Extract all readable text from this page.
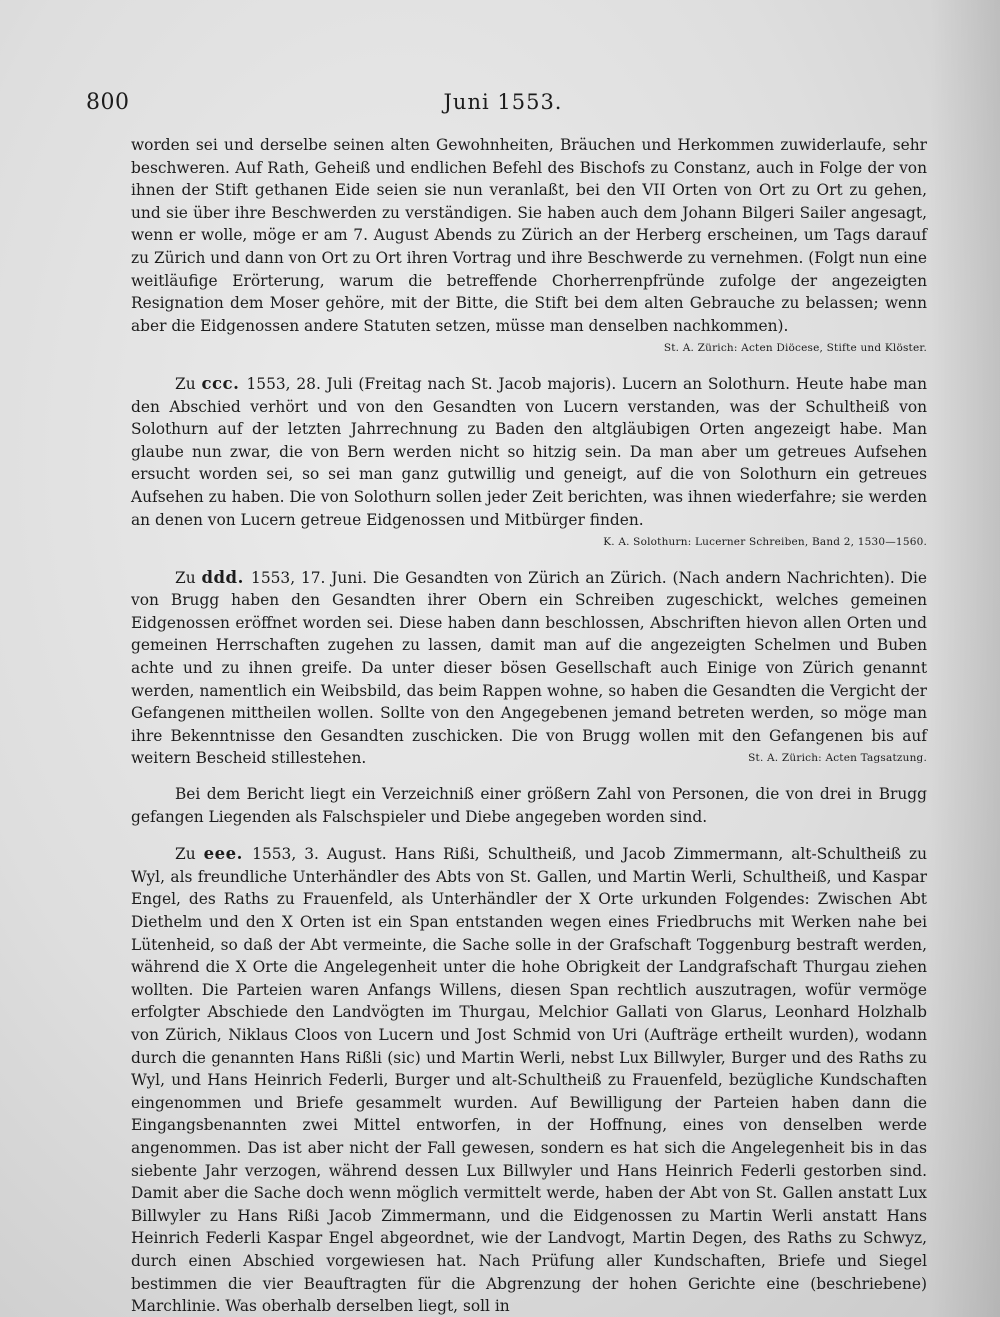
800	Juni 1553.
worden sei und derselbe seinen alten Gewohnheiten, Bräuchen und Herkommen zuwiderlaufe, sehr beschweren. Auf Rath, Geheiß und endlichen Befehl des Bischofs zu Constanz, auch in Folge der von ihnen der Stift gethanen Eide seien sie nun veranlaßt, bei den VII Orten von Ort zu Ort zu gehen, und sie über ihre Beschwerden zu verständigen. Sie haben auch dem Johann Bilgeri Sailer angesagt, wenn er wolle, möge er am 7. August Abends zu Zürich an der Herberg erscheinen, um Tags darauf zu Zürich und dann von Ort zu Ort ihren Vortrag und ihre Beschwerde zu vernehmen. (Folgt nun eine weitläufige Erörterung, warum die betreffende Chorherrenpfründe zufolge der angezeigten Resignation dem Moser gehöre, mit der Bitte, die Stift bei dem alten Gebrauche zu belassen; wenn aber die Eidgenossen andere Statuten setzen, müsse man denselben nachkommen).
St. A. Zürich: Acten Diöcese, Stifte und Klöster.
Zu ccc. 1553, 28. Juli (Freitag nach St. Jacob majoris). Lucern an Solothurn. Heute habe man den Abschied verhört und von den Gesandten von Lucern verstanden, was der Schultheiß von Solothurn auf der letzten Jahrrechnung zu Baden den altgläubigen Orten angezeigt habe. Man glaube nun zwar, die von Bern werden nicht so hitzig sein. Da man aber um getreues Aufsehen ersucht worden sei, so sei man ganz gutwillig und geneigt, auf die von Solothurn ein getreues Aufsehen zu haben. Die von Solothurn sollen jeder Zeit berichten, was ihnen wiederfahre; sie werden an denen von Lucern getreue Eidgenossen und Mitbürger finden.
K. A. Solothurn: Lucerner Schreiben, Band 2, 1530—1560.
Zu ddd. 1553, 17. Juni. Die Gesandten von Zürich an Zürich. (Nach andern Nachrichten). Die von Brugg haben den Gesandten ihrer Obern ein Schreiben zugeschickt, welches gemeinen Eidgenossen eröffnet worden sei. Diese haben dann beschlossen, Abschriften hievon allen Orten und gemeinen Herrschaften zugehen zu lassen, damit man auf die angezeigten Schelmen und Buben achte und zu ihnen greife. Da unter dieser bösen Gesellschaft auch Einige von Zürich genannt werden, namentlich ein Weibsbild, das beim Rappen wohne, so haben die Gesandten die Vergicht der Gefangenen mittheilen wollen. Sollte von den Angegebenen jemand betreten werden, so möge man ihre Bekenntnisse den Gesandten zuschicken. Die von Brugg wollen mit den Gefangenen bis auf weitern Bescheid stillestehen.	St. A. Zürich: Acten Tagsatzung.
Bei dem Bericht liegt ein Verzeichniß einer größern Zahl von Personen, die von drei in Brugg gefangen Liegenden als Falschspieler und Diebe angegeben worden sind.
Zu eee. 1553, 3. August. Hans Rißi, Schultheiß, und Jacob Zimmermann, alt-Schultheiß zu Wyl, als freundliche Unterhändler des Abts von St. Gallen, und Martin Werli, Schultheiß, und Kaspar Engel, des Raths zu Frauenfeld, als Unterhändler der X Orte urkunden Folgendes: Zwischen Abt Diethelm und den X Orten ist ein Span entstanden wegen eines Friedbruchs mit Werken nahe bei Lütenheid, so daß der Abt vermeinte, die Sache solle in der Grafschaft Toggenburg bestraft werden, während die X Orte die Angelegenheit unter die hohe Obrigkeit der Landgrafschaft Thurgau ziehen wollten. Die Parteien waren Anfangs Willens, diesen Span rechtlich auszutragen, wofür vermöge erfolgter Abschiede den Landvögten im Thurgau, Melchior Gallati von Glarus, Leonhard Holzhalb von Zürich, Niklaus Cloos von Lucern und Jost Schmid von Uri (Aufträge ertheilt wurden), wodann durch die genannten Hans Rißli (sic) und Martin Werli, nebst Lux Billwyler, Burger und des Raths zu Wyl, und Hans Heinrich Federli, Burger und alt-Schultheiß zu Frauenfeld, bezügliche Kundschaften eingenommen und Briefe gesammelt wurden. Auf Bewilligung der Parteien haben dann die Eingangsbenannten zwei Mittel entworfen, in der Hoffnung, eines von denselben werde angenommen. Das ist aber nicht der Fall gewesen, sondern es hat sich die Angelegenheit bis in das siebente Jahr verzogen, während dessen Lux Billwyler und Hans Heinrich Federli gestorben sind. Damit aber die Sache doch wenn möglich vermittelt werde, haben der Abt von St. Gallen anstatt Lux Billwyler zu Hans Rißi Jacob Zimmermann, und die Eidgenossen zu Martin Werli anstatt Hans Heinrich Federli Kaspar Engel abgeordnet, wie der Landvogt, Martin Degen, des Raths zu Schwyz, durch einen Abschied vorgewiesen hat. Nach Prüfung aller Kundschaften, Briefe und Siegel bestimmen die vier Beauftragten für die Abgrenzung der hohen Gerichte eine (beschriebene) Marchlinie. Was oberhalb derselben liegt, soll in
